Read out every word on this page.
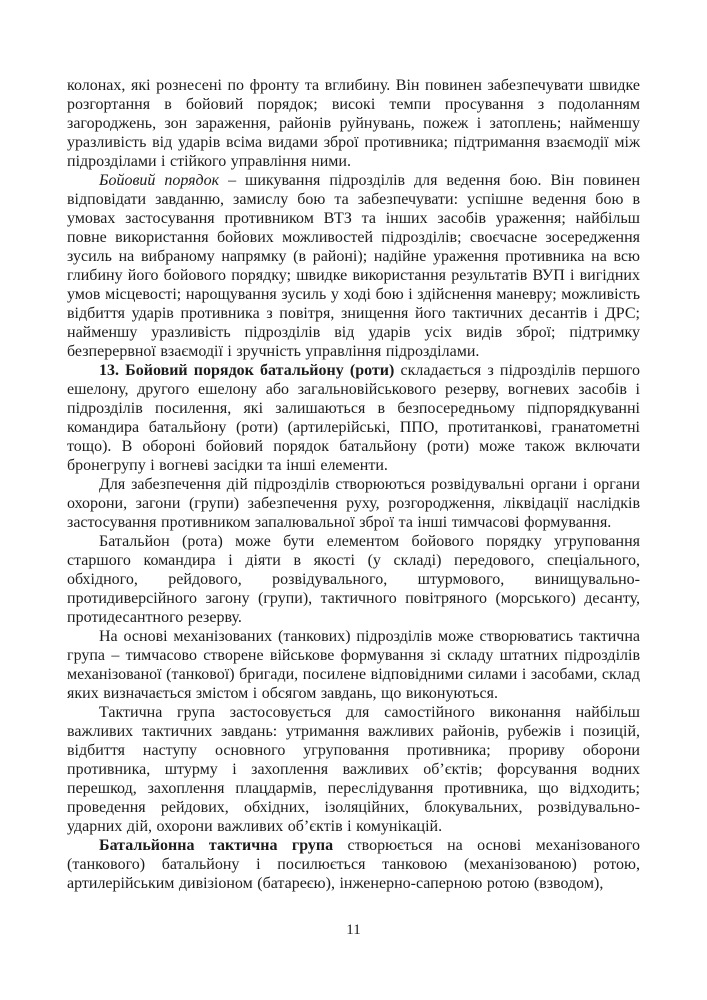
колонах, які рознесені по фронту та вглибину. Він повинен забезпечувати швидке розгортання в бойовий порядок; високі темпи просування з подоланням загороджень, зон зараження, районів руйнувань, пожеж і затоплень; найменшу уразливість від ударів всіма видами зброї противника; підтримання взаємодії між підрозділами і стійкого управління ними.

Бойовий порядок – шикування підрозділів для ведення бою. Він повинен відповідати завданню, замислу бою та забезпечувати: успішне ведення бою в умовах застосування противником ВТЗ та інших засобів ураження; найбільш повне використання бойових можливостей підрозділів; своєчасне зосередження зусиль на вибраному напрямку (в районі); надійне ураження противника на всю глибину його бойового порядку; швидке використання результатів ВУП і вигідних умов місцевості; нарощування зусиль у ході бою і здійснення маневру; можливість відбиття ударів противника з повітря, знищення його тактичних десантів і ДРС; найменшу уразливість підрозділів від ударів усіх видів зброї; підтримку безперервної взаємодії і зручність управління підрозділами.

13. Бойовий порядок батальйону (роти) складається з підрозділів першого ешелону, другого ешелону або загальновійськового резерву, вогневих засобів і підрозділів посилення, які залишаються в безпосередньому підпорядкуванні командира батальйону (роти) (артилерійські, ППО, протитанкові, гранатометні тощо). В обороні бойовий порядок батальйону (роти) може також включати бронегрупу і вогневі засідки та інші елементи.

Для забезпечення дій підрозділів створюються розвідувальні органи і органи охорони, загони (групи) забезпечення руху, розгородження, ліквідації наслідків застосування противником запалювальної зброї та інші тимчасові формування.

Батальйон (рота) може бути елементом бойового порядку угруповання старшого командира і діяти в якості (у складі) передового, спеціального, обхідного, рейдового, розвідувального, штурмового, винищувально-протидиверсійного загону (групи), тактичного повітряного (морського) десанту, протидесантного резерву.

На основі механізованих (танкових) підрозділів може створюватись тактична група – тимчасово створене військове формування зі складу штатних підрозділів механізованої (танкової) бригади, посилене відповідними силами і засобами, склад яких визначається змістом і обсягом завдань, що виконуються.

Тактична група застосовується для самостійного виконання найбільш важливих тактичних завдань: утримання важливих районів, рубежів і позицій, відбиття наступу основного угруповання противника; прориву оборони противника, штурму і захоплення важливих об’єктів; форсування водних перешкод, захоплення плацдармів, переслідування противника, що відходить; проведення рейдових, обхідних, ізоляційних, блокувальних, розвідувально-ударних дій, охорони важливих об’єктів і комунікацій.

Батальйонна тактична група створюється на основі механізованого (танкового) батальйону і посилюється танковою (механізованою) ротою, артилерійським дивізіоном (батареєю), інженерно-саперною ротою (взводом),

11
